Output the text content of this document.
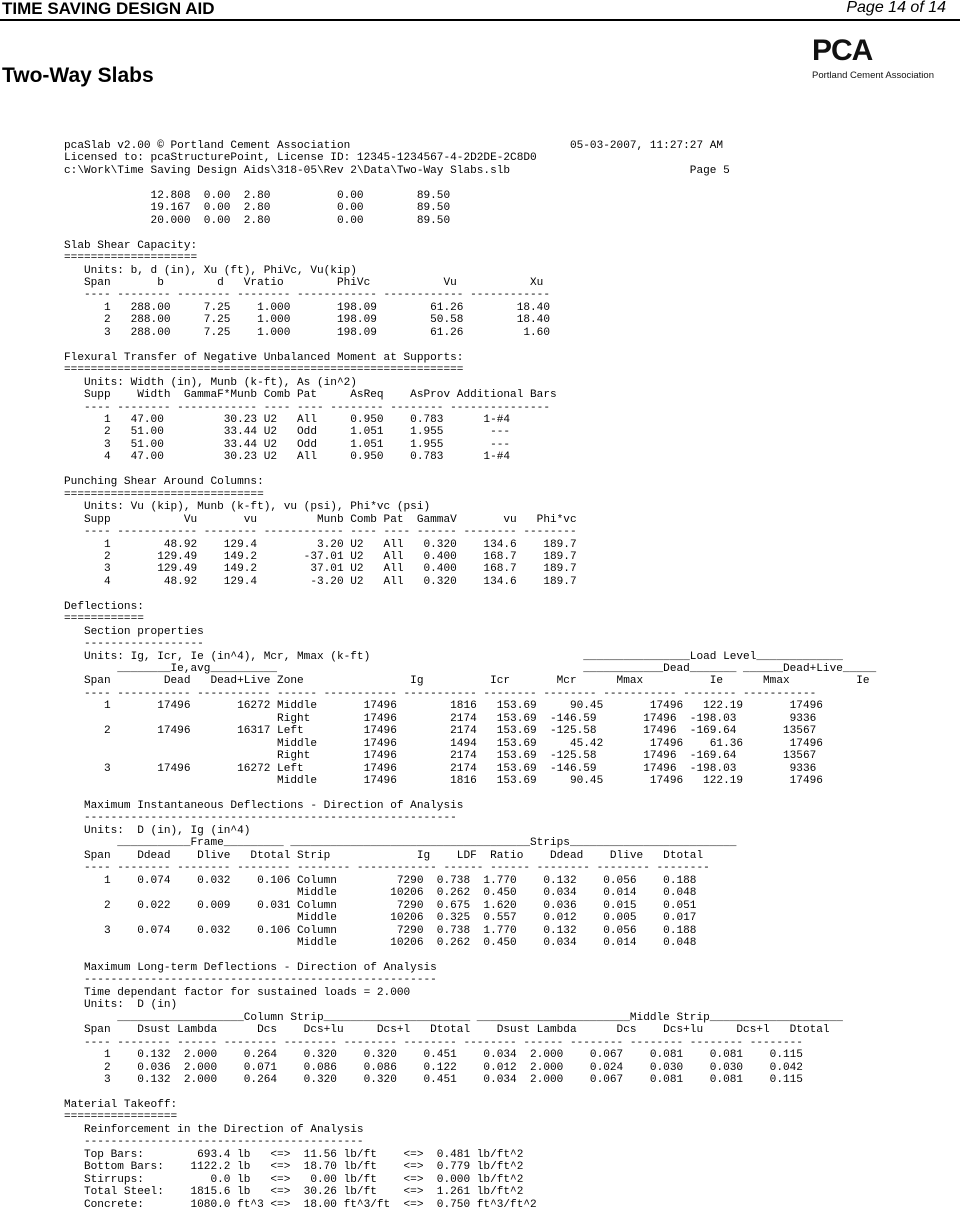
TIME SAVING DESIGN AID	Page 14 of 14
Two-Way Slabs
PCA
Portland Cement Association
pcaSlab v2.00 © Portland Cement Association                                 05-03-2007, 11:27:27 AM
Licensed to: pcaStructurePoint, License ID: 12345-1234567-4-2D2DE-2C8D0
c:\Work\Time Saving Design Aids\318-05\Rev 2\Data\Two-Way Slabs.slb                           Page 5

12.808  0.00  2.80          0.00        89.50
19.167  0.00  2.80          0.00        89.50
20.000  0.00  2.80          0.00        89.50

Slab Shear Capacity:
====================
Units: b, d (in), Xu (ft), PhiVc, Vu(kip)
Span       b        d   Vratio        PhiVc           Vu           Xu
---- -------- -------- -------- ------------ ------------ ------------
1   288.00     7.25    1.000       198.09        61.26        18.40
2   288.00     7.25    1.000       198.09        50.58        18.40
3   288.00     7.25    1.000       198.09        61.26         1.60

Flexural Transfer of Negative Unbalanced Moment at Supports:
============================================================
Units: Width (in), Munb (k-ft), As (in^2)
Supp    Width  GammaF*Munb Comb Pat     AsReq    AsProv Additional Bars
---- -------- ------------ ---- ---- -------- -------- ---------------
1   47.00         30.23 U2   All     0.950    0.783      1-#4
2   51.00         33.44 U2   Odd     1.051    1.955       ---
3   51.00         33.44 U2   Odd     1.051    1.955       ---
4   47.00         30.23 U2   All     0.950    0.783      1-#4

Punching Shear Around Columns:
==============================
Units: Vu (kip), Munb (k-ft), vu (psi), Phi*vc (psi)
Supp           Vu       vu         Munb Comb Pat  GammaV       vu   Phi*vc
---- ------------ -------- ------------ ---- ---- ------ -------- --------
1        48.92    129.4         3.20 U2   All   0.320    134.6    189.7
2       129.49    149.2       -37.01 U2   All   0.400    168.7    189.7
3       129.49    149.2        37.01 U2   All   0.400    168.7    189.7
4        48.92    129.4        -3.20 U2   All   0.320    134.6    189.7

Deflections:
============
Section properties
------------------
Units: Ig, Icr, Ie (in^4), Mcr, Mmax (k-ft)                                ________________Load Level_____________
________Ie,avg__________                                              ____________Dead_______ ______Dead+Live_____
Span        Dead   Dead+Live Zone                Ig          Icr       Mcr      Mmax          Ie      Mmax          Ie
---- ----------- ----------- ------ ----------- ----------- -------- -------- ----------- -------- -----------
1       17496       16272 Middle       17496        1816   153.69     90.45       17496   122.19       17496
Right        17496        2174   153.69  -146.59       17496  -198.03        9336
2       17496       16317 Left         17496        2174   153.69  -125.58       17496  -169.64       13567
Middle       17496        1494   153.69     45.42       17496    61.36       17496
Right        17496        2174   153.69  -125.58       17496  -169.64       13567
3       17496       16272 Left         17496        2174   153.69  -146.59       17496  -198.03        9336
Middle       17496        1816   153.69     90.45       17496   122.19       17496

Maximum Instantaneous Deflections - Direction of Analysis
--------------------------------------------------------
Units:  D (in), Ig (in^4)
___________Frame_________ ____________________________________Strips_________________________
Span    Ddead    Dlive   Dtotal Strip             Ig    LDF  Ratio    Ddead    Dlive   Dtotal
---- -------- -------- -------- -------- ------------ ------ ------ -------- -------- --------
1    0.074    0.032    0.106 Column         7290  0.738  1.770    0.132    0.056    0.188
Middle        10206  0.262  0.450    0.034    0.014    0.048
2    0.022    0.009    0.031 Column         7290  0.675  1.620    0.036    0.015    0.051
Middle        10206  0.325  0.557    0.012    0.005    0.017
3    0.074    0.032    0.106 Column         7290  0.738  1.770    0.132    0.056    0.188
Middle        10206  0.262  0.450    0.034    0.014    0.048

Maximum Long-term Deflections - Direction of Analysis
-----------------------------------------------------
Time dependant factor for sustained loads = 2.000
Units:  D (in)
___________________Column Strip______________________ _______________________Middle Strip____________________
Span    Dsust Lambda      Dcs    Dcs+lu     Dcs+l   Dtotal    Dsust Lambda      Dcs    Dcs+lu     Dcs+l   Dtotal
---- -------- ------ -------- -------- -------- -------- -------- ------ -------- -------- -------- --------
1    0.132  2.000    0.264    0.320    0.320    0.451    0.034  2.000    0.067    0.081    0.081    0.115
2    0.036  2.000    0.071    0.086    0.086    0.122    0.012  2.000    0.024    0.030    0.030    0.042
3    0.132  2.000    0.264    0.320    0.320    0.451    0.034  2.000    0.067    0.081    0.081    0.115

Material Takeoff:
=================
Reinforcement in the Direction of Analysis
------------------------------------------
Top Bars:        693.4 lb   <=>  11.56 lb/ft    <=>  0.481 lb/ft^2
Bottom Bars:    1122.2 lb   <=>  18.70 lb/ft    <=>  0.779 lb/ft^2
Stirrups:          0.0 lb   <=>   0.00 lb/ft    <=>  0.000 lb/ft^2
Total Steel:    1815.6 lb   <=>  30.26 lb/ft    <=>  1.261 lb/ft^2
Concrete:       1080.0 ft^3 <=>  18.00 ft^3/ft  <=>  0.750 ft^3/ft^2
